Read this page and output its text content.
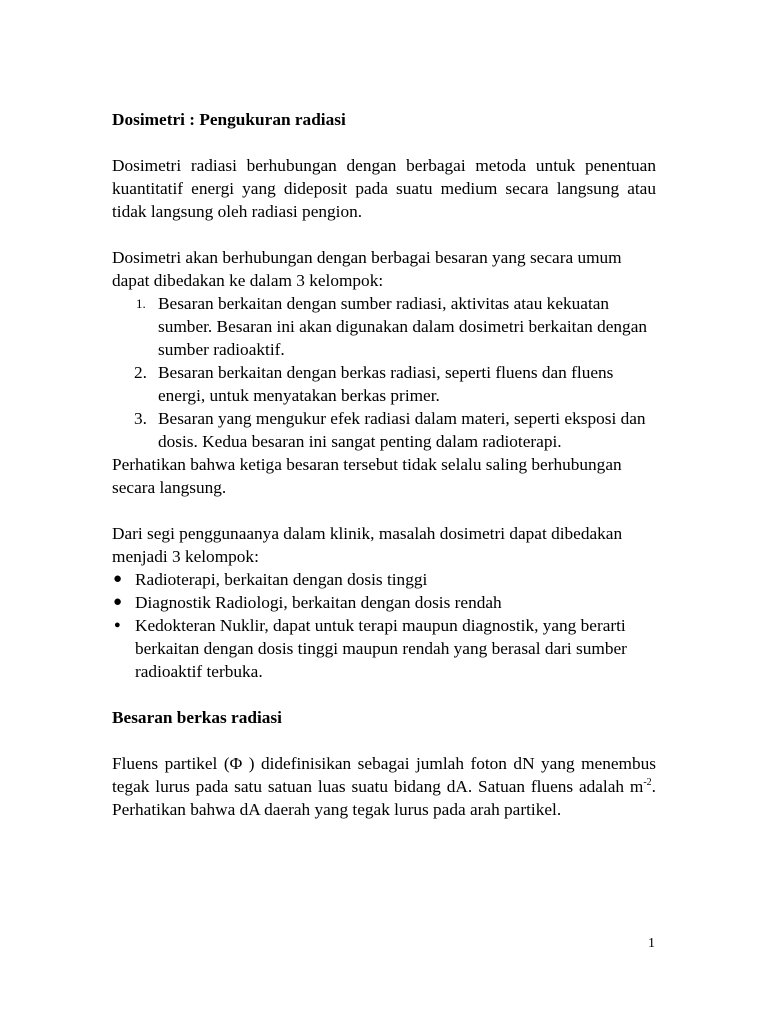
Dosimetri : Pengukuran radiasi

Dosimetri radiasi berhubungan dengan berbagai metoda untuk penentuan kuantitatif energi yang dideposit pada suatu medium secara langsung atau tidak langsung oleh radiasi pengion.

Dosimetri akan berhubungan dengan berbagai besaran yang secara umum dapat dibedakan ke dalam 3 kelompok:

1. Besaran berkaitan dengan sumber radiasi, aktivitas atau kekuatan sumber. Besaran ini akan digunakan dalam dosimetri berkaitan dengan sumber radioaktif.
2. Besaran berkaitan dengan berkas radiasi, seperti fluens dan fluens energi, untuk menyatakan berkas primer.
3. Besaran yang mengukur efek radiasi dalam materi, seperti eksposi dan dosis. Kedua besaran ini sangat penting dalam radioterapi.

Perhatikan bahwa ketiga besaran tersebut tidak selalu saling berhubungan secara langsung.

Dari segi penggunaanya dalam klinik, masalah dosimetri dapat dibedakan menjadi 3 kelompok:

● Radioterapi, berkaitan dengan dosis tinggi
● Diagnostik Radiologi, berkaitan dengan dosis rendah
● Kedokteran Nuklir, dapat untuk terapi maupun diagnostik, yang berarti berkaitan dengan dosis tinggi maupun rendah yang berasal dari sumber radioaktif terbuka.

Besaran berkas radiasi

Fluens partikel (Φ ) didefinisikan sebagai jumlah foton dN yang menembus tegak lurus pada satu satuan luas suatu bidang dA. Satuan fluens adalah $m^{-2}$. Perhatikan bahwa dA daerah yang tegak lurus pada arah partikel.

1
